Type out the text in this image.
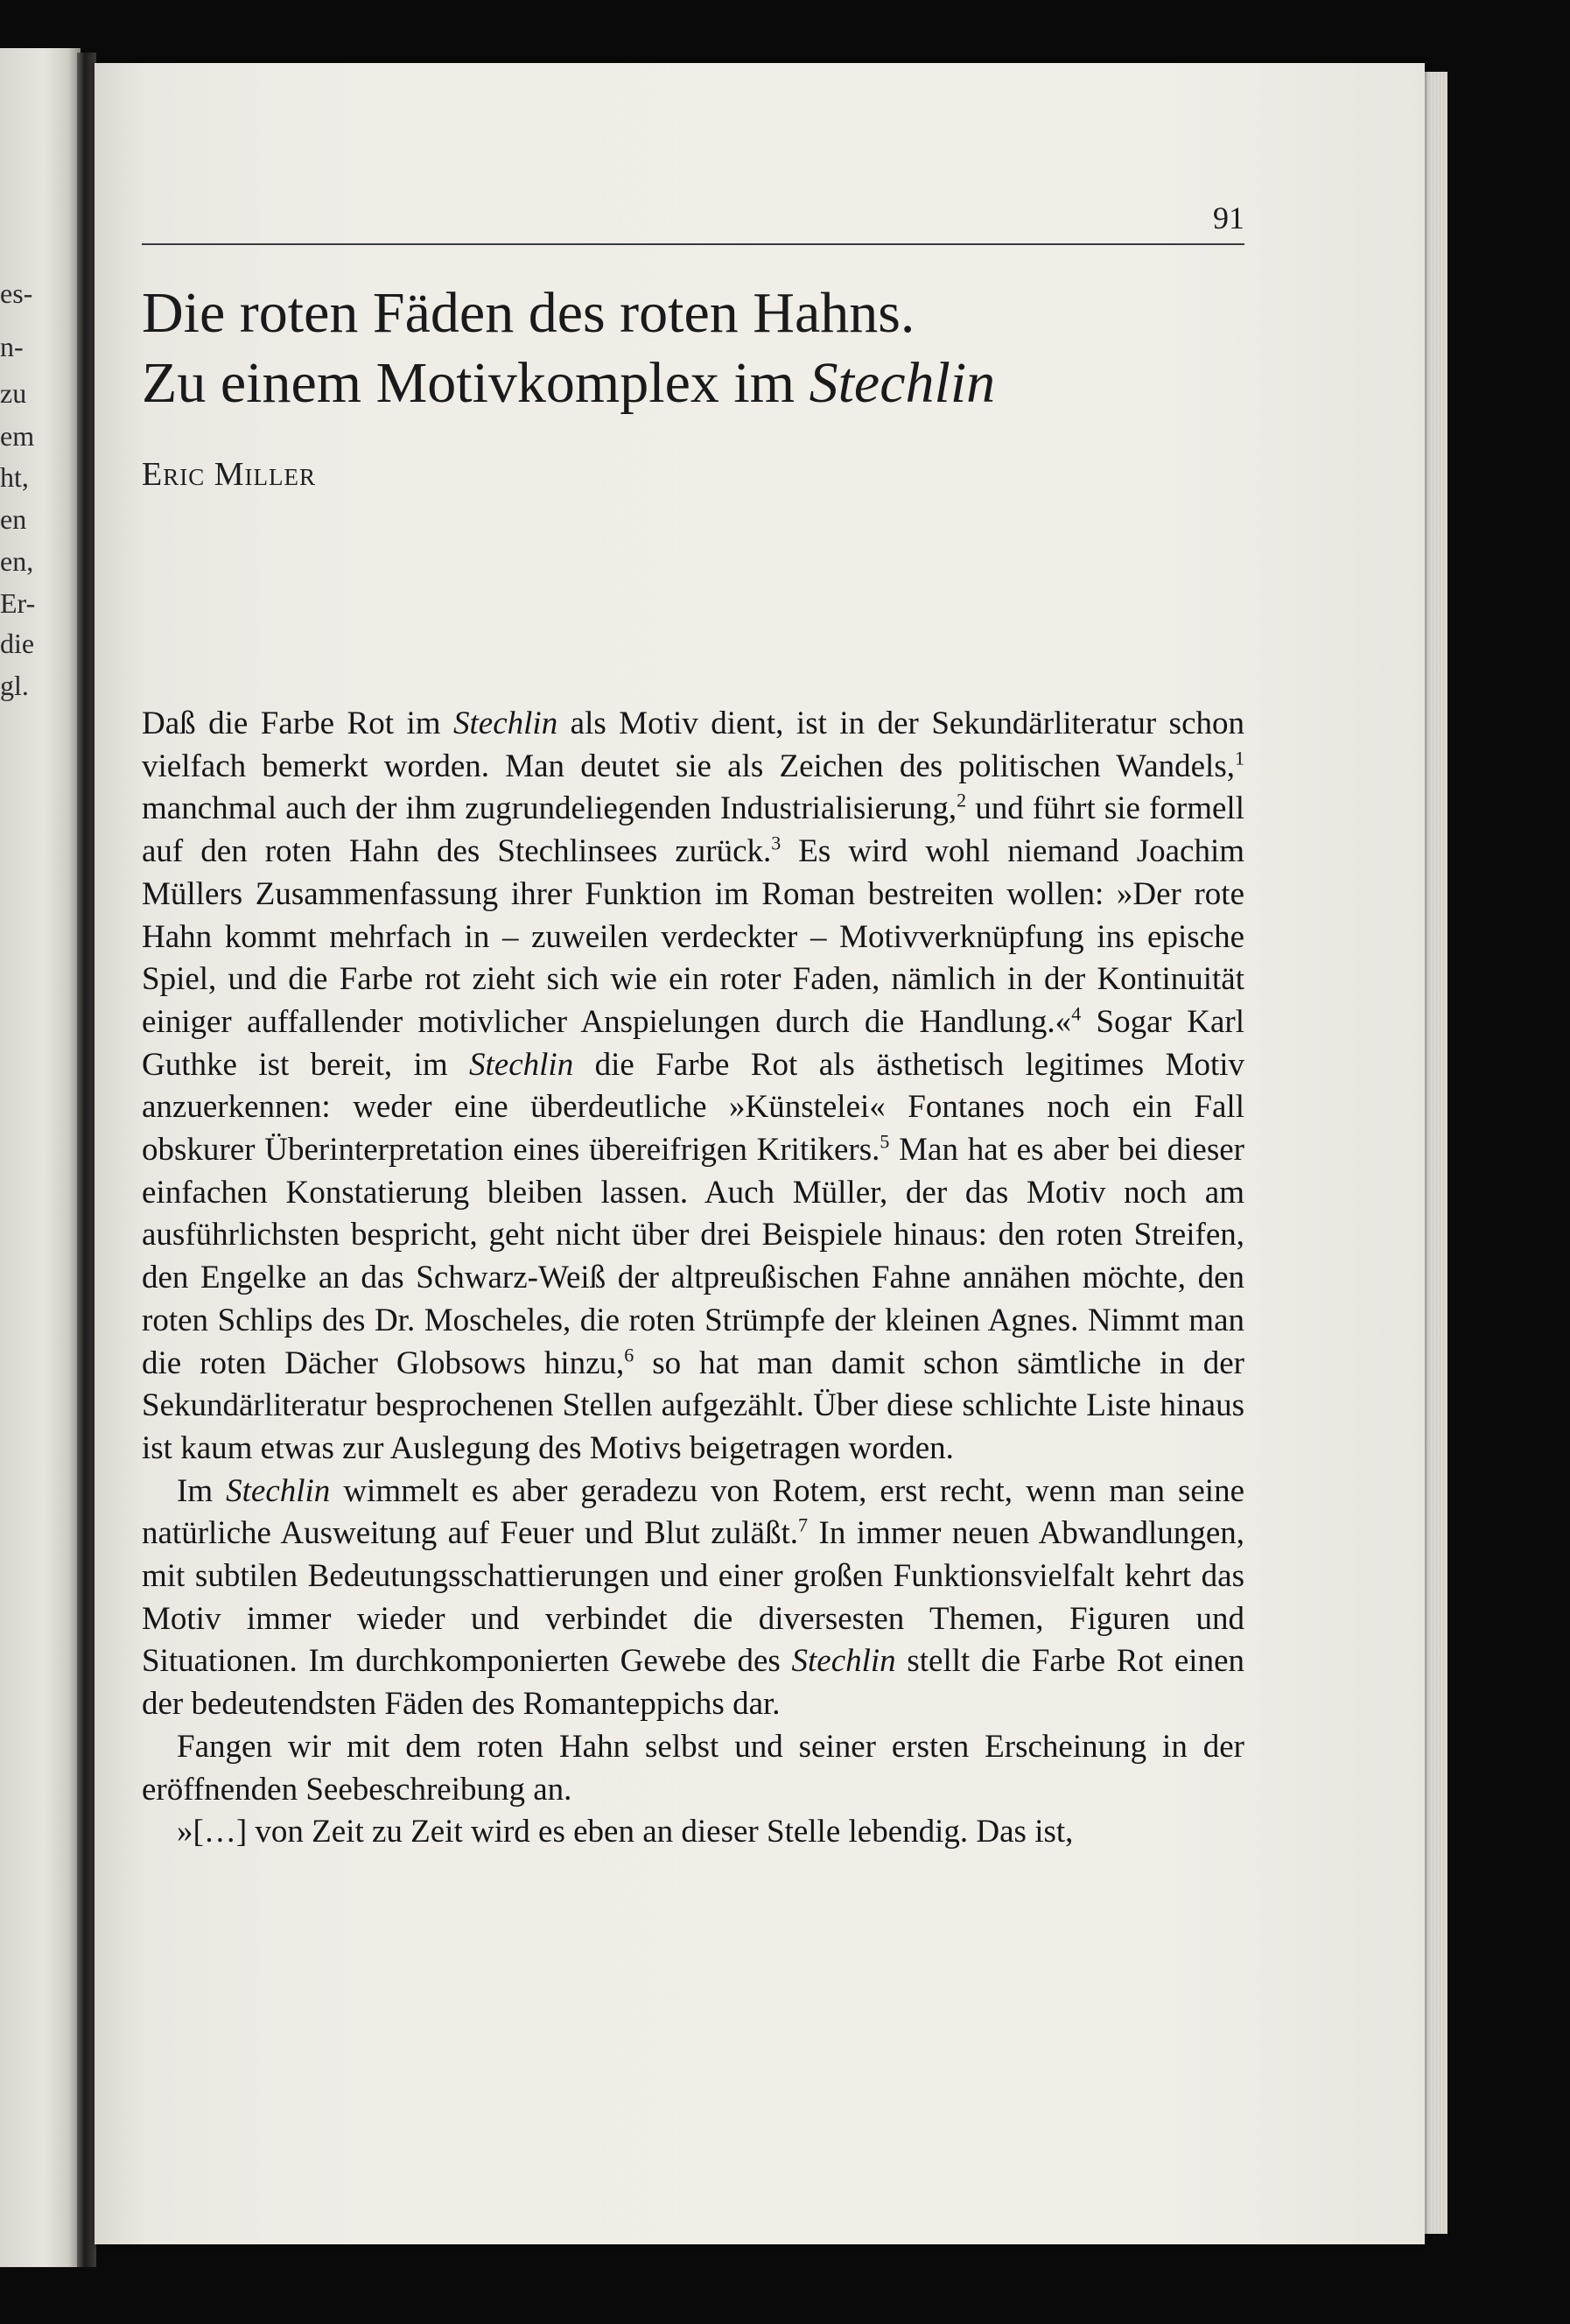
es-
n-
zu
em
ht,
en
en,
Er-
die
gl.
91
Die roten Fäden des roten Hahns.
Zu einem Motivkomplex im Stechlin
Eric Miller

Daß die Farbe Rot im Stechlin als Motiv dient, ist in der Sekundärliteratur schon vielfach bemerkt worden. Man deutet sie als Zeichen des politischen Wandels,$^1$ manchmal auch der ihm zugrundeliegenden Industrialisierung,$^2$ und führt sie formell auf den roten Hahn des Stechlinsees zurück.$^3$ Es wird wohl niemand Joachim Müllers Zusammenfassung ihrer Funktion im Roman bestreiten wollen: »Der rote Hahn kommt mehrfach in – zuweilen verdeckter – Motivverknüpfung ins epische Spiel, und die Farbe rot zieht sich wie ein roter Faden, nämlich in der Kontinuität einiger auffallender motivlicher Anspielungen durch die Handlung.«$^4$ Sogar Karl Guthke ist bereit, im Stechlin die Farbe Rot als ästhetisch legitimes Motiv anzuerkennen: weder eine überdeutliche »Künstelei« Fontanes noch ein Fall obskurer Überinterpretation eines übereifrigen Kritikers.$^5$ Man hat es aber bei dieser einfachen Konstatierung bleiben lassen. Auch Müller, der das Motiv noch am ausführlichsten bespricht, geht nicht über drei Beispiele hinaus: den roten Streifen, den Engelke an das Schwarz-Weiß der altpreußischen Fahne annähen möchte, den roten Schlips des Dr. Moscheles, die roten Strümpfe der kleinen Agnes. Nimmt man die roten Dächer Globsows hinzu,$^6$ so hat man damit schon sämtliche in der Sekundärliteratur besprochenen Stellen aufgezählt. Über diese schlichte Liste hinaus ist kaum etwas zur Auslegung des Motivs beigetragen worden.

Im Stechlin wimmelt es aber geradezu von Rotem, erst recht, wenn man seine natürliche Ausweitung auf Feuer und Blut zuläßt.$^7$ In immer neuen Abwandlungen, mit subtilen Bedeutungsschattierungen und einer großen Funktionsvielfalt kehrt das Motiv immer wieder und verbindet die diversesten Themen, Figuren und Situationen. Im durchkomponierten Gewebe des Stechlin stellt die Farbe Rot einen der bedeutendsten Fäden des Romanteppichs dar.

Fangen wir mit dem roten Hahn selbst und seiner ersten Erscheinung in der eröffnenden Seebeschreibung an.

»[…] von Zeit zu Zeit wird es eben an dieser Stelle lebendig. Das ist,
